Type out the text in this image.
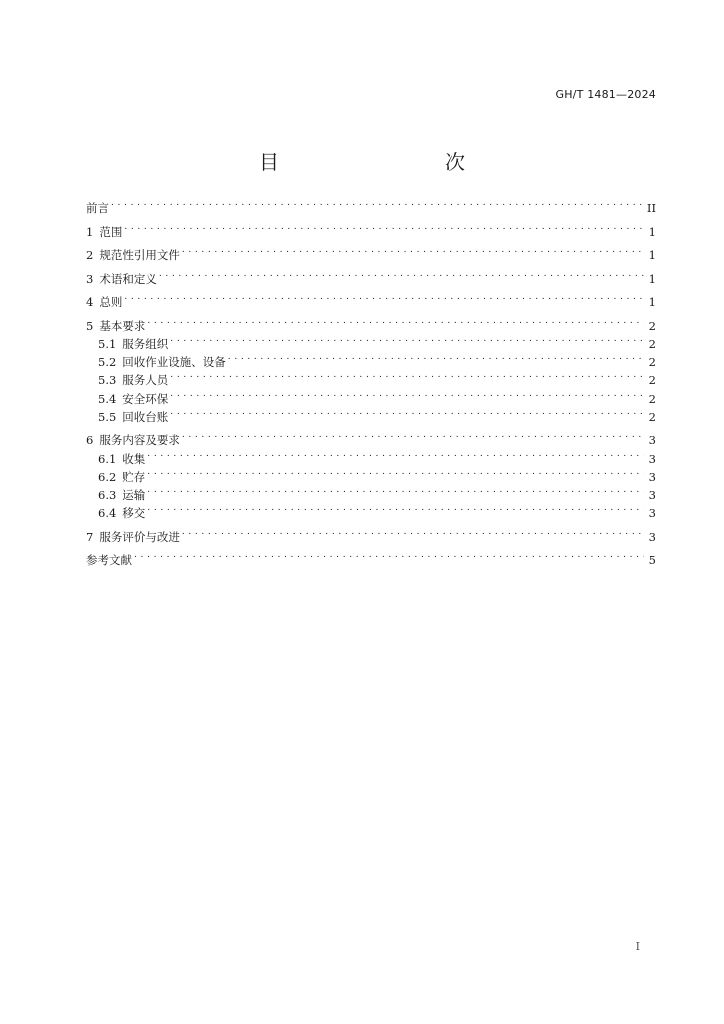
GH/T 1481—2024
目　　次
前言 . . .	II
1 范围 . . .	1
2 规范性引用文件 . . .	1
3 术语和定义 . . .	1
4 总则 . . .	1
5 基本要求 . . .	2
5.1 服务组织 . . .	2
5.2 回收作业设施、设备 . . .	2
5.3 服务人员 . . .	2
5.4 安全环保 . . .	2
5.5 回收台账 . . .	2
6 服务内容及要求 . . .	3
6.1 收集 . . .	3
6.2 贮存 . . .	3
6.3 运输 . . .	3
6.4 移交 . . .	3
7 服务评价与改进 . . .	3
参考文献 . . .	5
I
